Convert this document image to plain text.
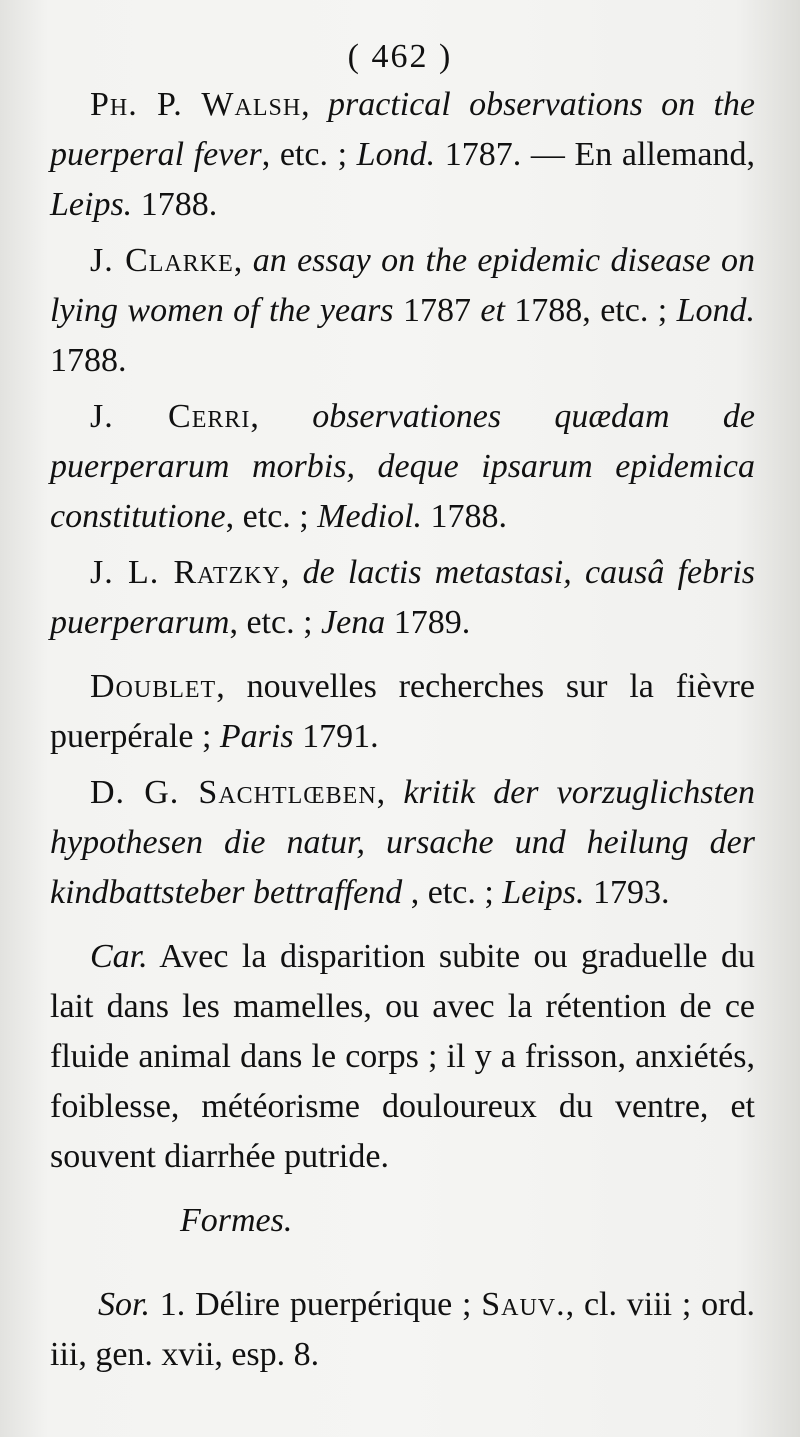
( 462 )

Ph. P. Walsh, practical observations on the puerperal fever, etc. ; Lond. 1787. — En allemand, Leips. 1788.

J. Clarke, an essay on the epidemic disease on lying women of the years 1787 et 1788, etc. ; Lond. 1788.

J. Cerri, observationes quædam de puerperarum morbis, deque ipsarum epidemica constitutione, etc. ; Mediol. 1788.

J. L. Ratzky, de lactis metastasi, causâ febris puerperarum, etc. ; Jena 1789.

Doublet, nouvelles recherches sur la fièvre puerpérale ; Paris 1791.

D. G. Sachtlœben, kritik der vorzuglichsten hypothesen die natur, ursache und heilung der kindbattsteber bettraffend , etc. ; Leips. 1793.

Car. Avec la disparition subite ou graduelle du lait dans les mamelles, ou avec la rétention de ce fluide animal dans le corps ; il y a frisson, anxiétés, foiblesse, météorisme douloureux du ventre, et souvent diarrhée putride.

Formes.

Sor. 1. Délire puerpérique ; Sauv., cl. viii ; ord. iii, gen. xvii, esp. 8.
